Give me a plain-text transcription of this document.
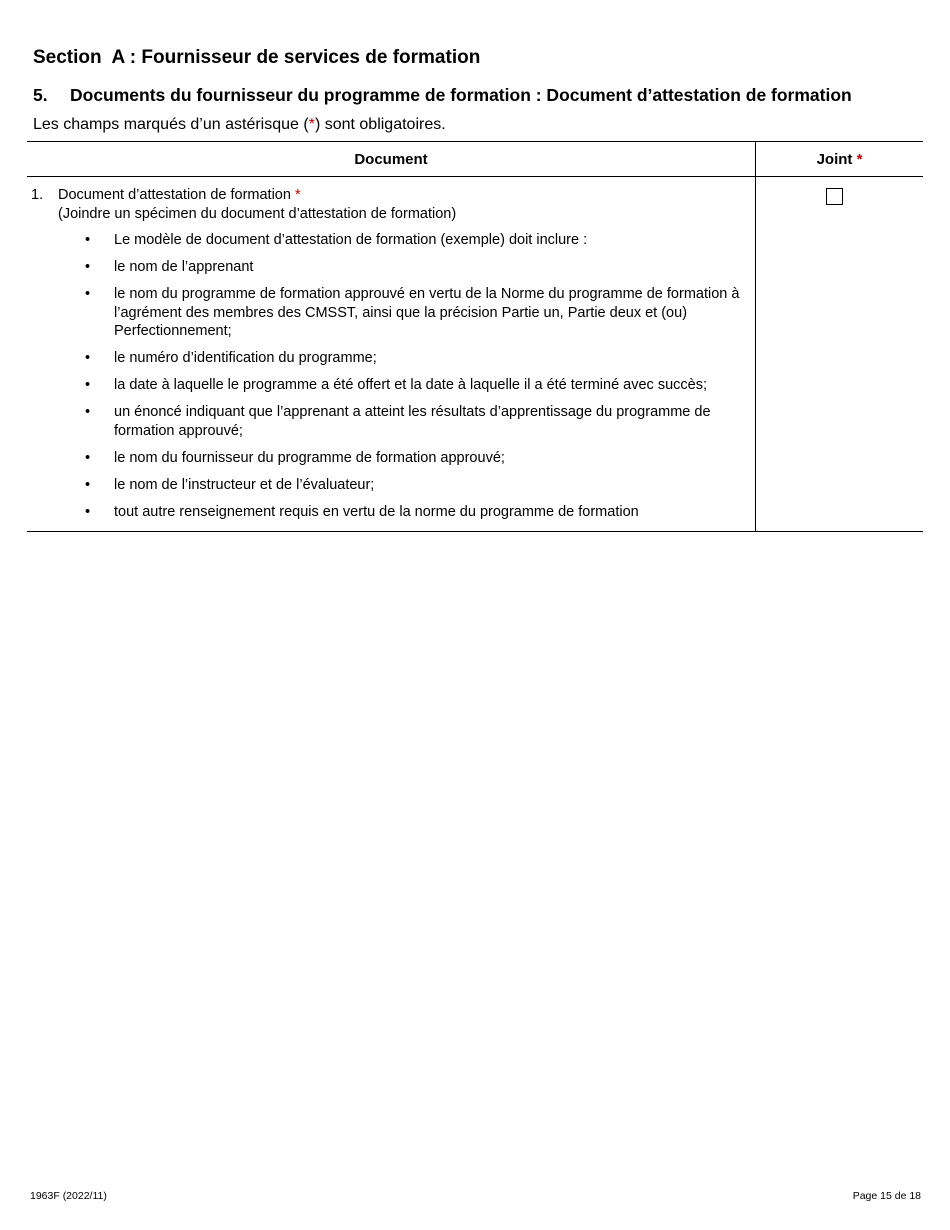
Section  A : Fournisseur de services de formation
5. Documents du fournisseur du programme de formation : Document d’attestation de formation
Les champs marqués d’un astérisque (*) sont obligatoires.
Document	Joint
*
1.	Document d’attestation de formation *
(Joindre un spécimen du document d’attestation de formation)
•	Le modèle de document d’attestation de formation (exemple) doit inclure :
•	le nom de l’apprenant
•	le nom du programme de formation approuvé en vertu de la Norme du programme de formation à l’agrément des membres des CMSST, ainsi que la précision Partie un, Partie deux et (ou) Perfectionnement;
•	le numéro d’identification du programme;
•	la date à laquelle le programme a été offert et la date à laquelle il a été terminé avec succès;
•	un énoncé indiquant que l’apprenant a atteint les résultats d’apprentissage du programme de formation approuvé;
•	le nom du fournisseur du programme de formation approuvé;
•	le nom de l’instructeur et de l’évaluateur;
•	tout autre renseignement requis en vertu de la norme du programme de formation
1963F (2022/11)	Page 15 de 18
